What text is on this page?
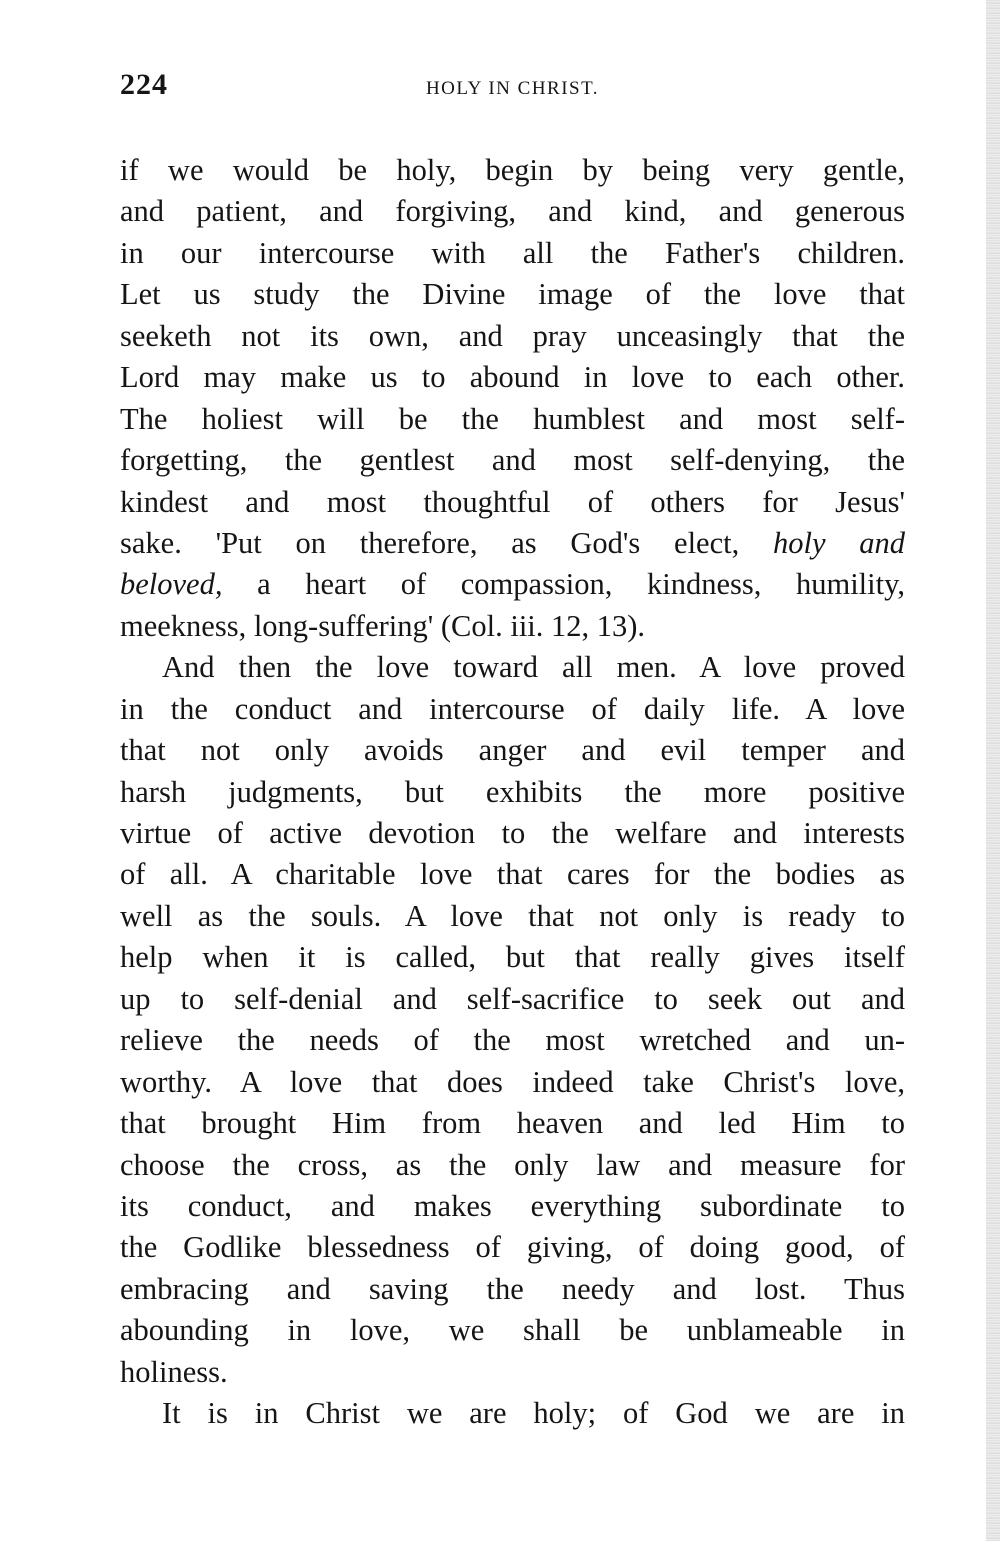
224	HOLY IN CHRIST.
if we would be holy, begin by being very gentle,
and patient, and forgiving, and kind, and generous
in our intercourse with all the Father's children.
Let us study the Divine image of the love that
seeketh not its own, and pray unceasingly that the
Lord may make us to abound in love to each other.
The holiest will be the humblest and most self-
forgetting, the gentlest and most self-denying, the
kindest and most thoughtful of others for Jesus'
sake. 'Put on therefore, as God's elect, holy and
beloved, a heart of compassion, kindness, humility,
meekness, long-suffering' (Col. iii. 12, 13).
And then the love toward all men. A love proved
in the conduct and intercourse of daily life. A love
that not only avoids anger and evil temper and
harsh judgments, but exhibits the more positive
virtue of active devotion to the welfare and interests
of all. A charitable love that cares for the bodies as
well as the souls. A love that not only is ready to
help when it is called, but that really gives itself
up to self-denial and self-sacrifice to seek out and
relieve the needs of the most wretched and un-
worthy. A love that does indeed take Christ's love,
that brought Him from heaven and led Him to
choose the cross, as the only law and measure for
its conduct, and makes everything subordinate to
the Godlike blessedness of giving, of doing good, of
embracing and saving the needy and lost. Thus
abounding in love, we shall be unblameable in
holiness.
It is in Christ we are holy; of God we are in
